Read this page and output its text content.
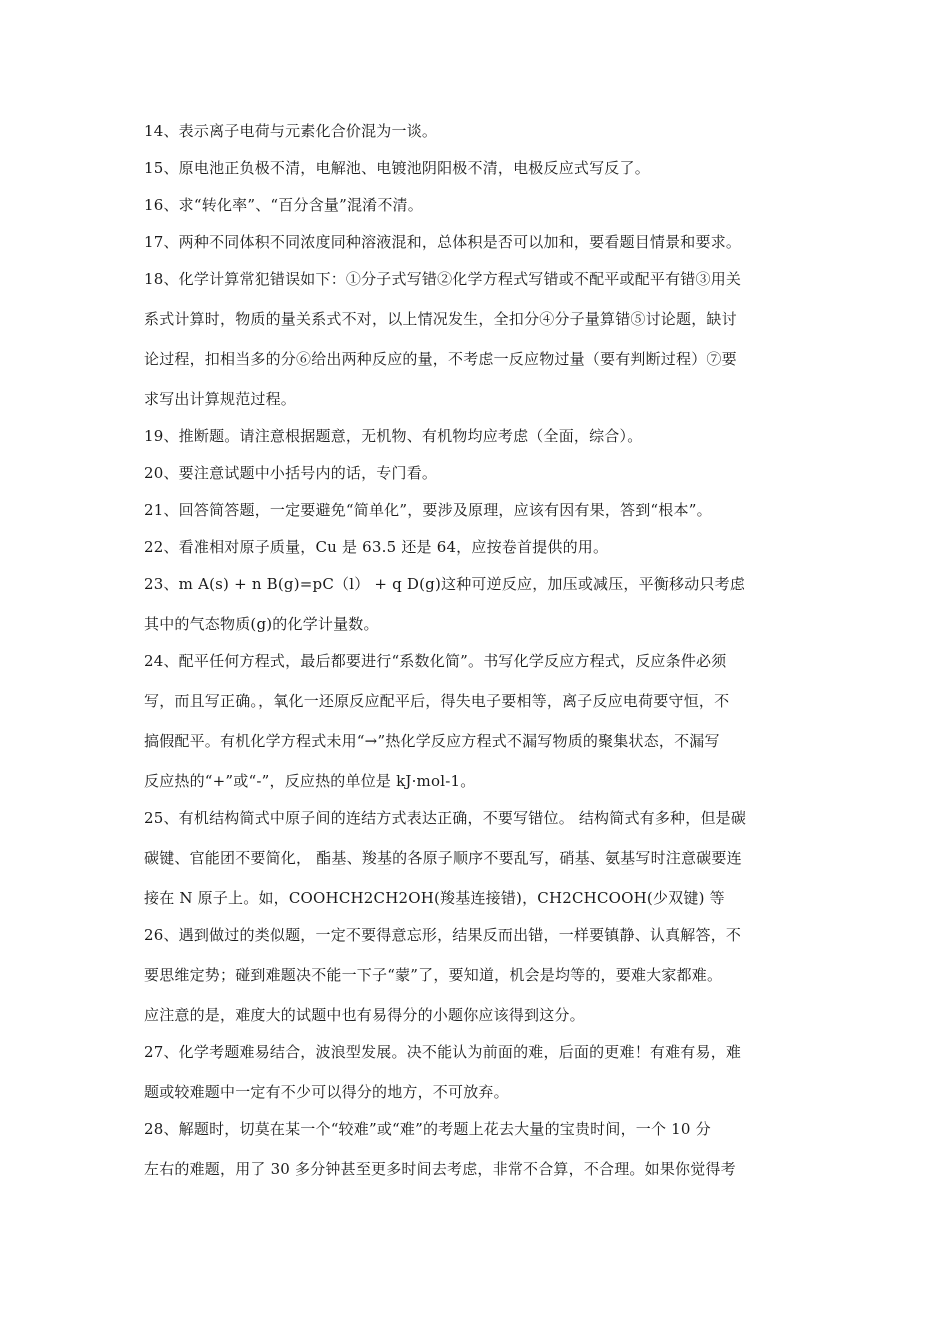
14、表示离子电荷与元素化合价混为一谈。
15、原电池正负极不清，电解池、电镀池阴阳极不清，电极反应式写反了。
16、求“转化率”、“百分含量”混淆不清。
17、两种不同体积不同浓度同种溶液混和，总体积是否可以加和，要看题目情景和要求。
18、化学计算常犯错误如下：①分子式写错②化学方程式写错或不配平或配平有错③用关
系式计算时，物质的量关系式不对，以上情况发生，全扣分④分子量算错⑤讨论题，缺讨
论过程，扣相当多的分⑥给出两种反应的量，不考虑一反应物过量（要有判断过程）⑦要
求写出计算规范过程。
19、推断题。请注意根据题意，无机物、有机物均应考虑（全面，综合）。
20、要注意试题中小括号内的话，专门看。
21、回答简答题，一定要避免“简单化”，要涉及原理，应该有因有果，答到“根本”。
22、看准相对原子质量，Cu 是 63.5 还是 64，应按卷首提供的用。
23、m A(s) + n B(g)=pC（l） + q D(g)这种可逆反应，加压或减压，平衡移动只考虑
其中的气态物质(g)的化学计量数。
24、配平任何方程式，最后都要进行“系数化简”。书写化学反应方程式，反应条件必须
写，而且写正确。，氧化一还原反应配平后，得失电子要相等，离子反应电荷要守恒，不
搞假配平。有机化学方程式未用“→”热化学反应方程式不漏写物质的聚集状态，不漏写
反应热的“+”或“-”，反应热的单位是 kJ·mol-1。
25、有机结构简式中原子间的连结方式表达正确，不要写错位。 结构简式有多种，但是碳
碳键、官能团不要简化， 酯基、羧基的各原子顺序不要乱写，硝基、氨基写时注意碳要连
接在 N 原子上。如，COOHCH2CH2OH(羧基连接错)，CH2CHCOOH(少双键) 等
26、遇到做过的类似题，一定不要得意忘形，结果反而出错，一样要镇静、认真解答，不
要思维定势；碰到难题决不能一下子“蒙”了，要知道，机会是均等的，要难大家都难。
应注意的是，难度大的试题中也有易得分的小题你应该得到这分。
27、化学考题难易结合，波浪型发展。决不能认为前面的难，后面的更难！有难有易，难
题或较难题中一定有不少可以得分的地方，不可放弃。
28、解题时，切莫在某一个“较难”或“难”的考题上花去大量的宝贵时间，一个 10 分
左右的难题，用了 30 多分钟甚至更多时间去考虑，非常不合算，不合理。如果你觉得考
